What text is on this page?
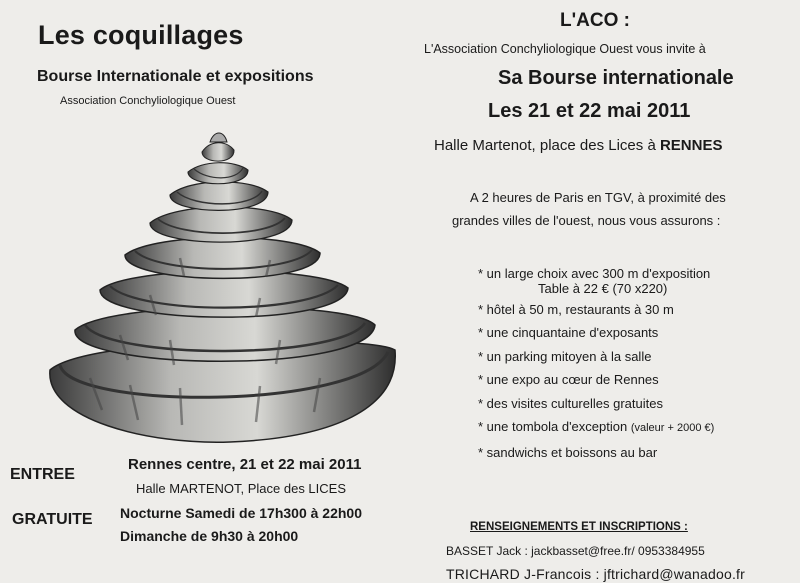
Les coquillages
Bourse Internationale et expositions
Association Conchyliologique Ouest
ENTREE
GRATUITE
Rennes centre, 21 et 22 mai 2011
Halle MARTENOT, Place des LICES
Nocturne Samedi de 17h300 à 22h00
Dimanche de 9h30 à 20h00
L'ACO :
L'Association Conchyliologique Ouest vous invite à
Sa Bourse internationale
Les 21 et 22 mai 2011
Halle Martenot, place des Lices à RENNES
A 2 heures de Paris en TGV, à proximité des
grandes villes de l'ouest, nous vous assurons :
* un large choix avec 300 m d'exposition
Table à 22 € (70 x220)
* hôtel à 50 m, restaurants à 30 m
* une cinquantaine d'exposants
* un parking mitoyen à la salle
* une expo au cœur de Rennes
* des visites culturelles gratuites
* une tombola d'exception (valeur + 2000 €)
* sandwichs et boissons au bar
RENSEIGNEMENTS ET INSCRIPTIONS :
BASSET Jack : jackbasset@free.fr/ 0953384955
TRICHARD J-Francois : jftrichard@wanadoo.fr
